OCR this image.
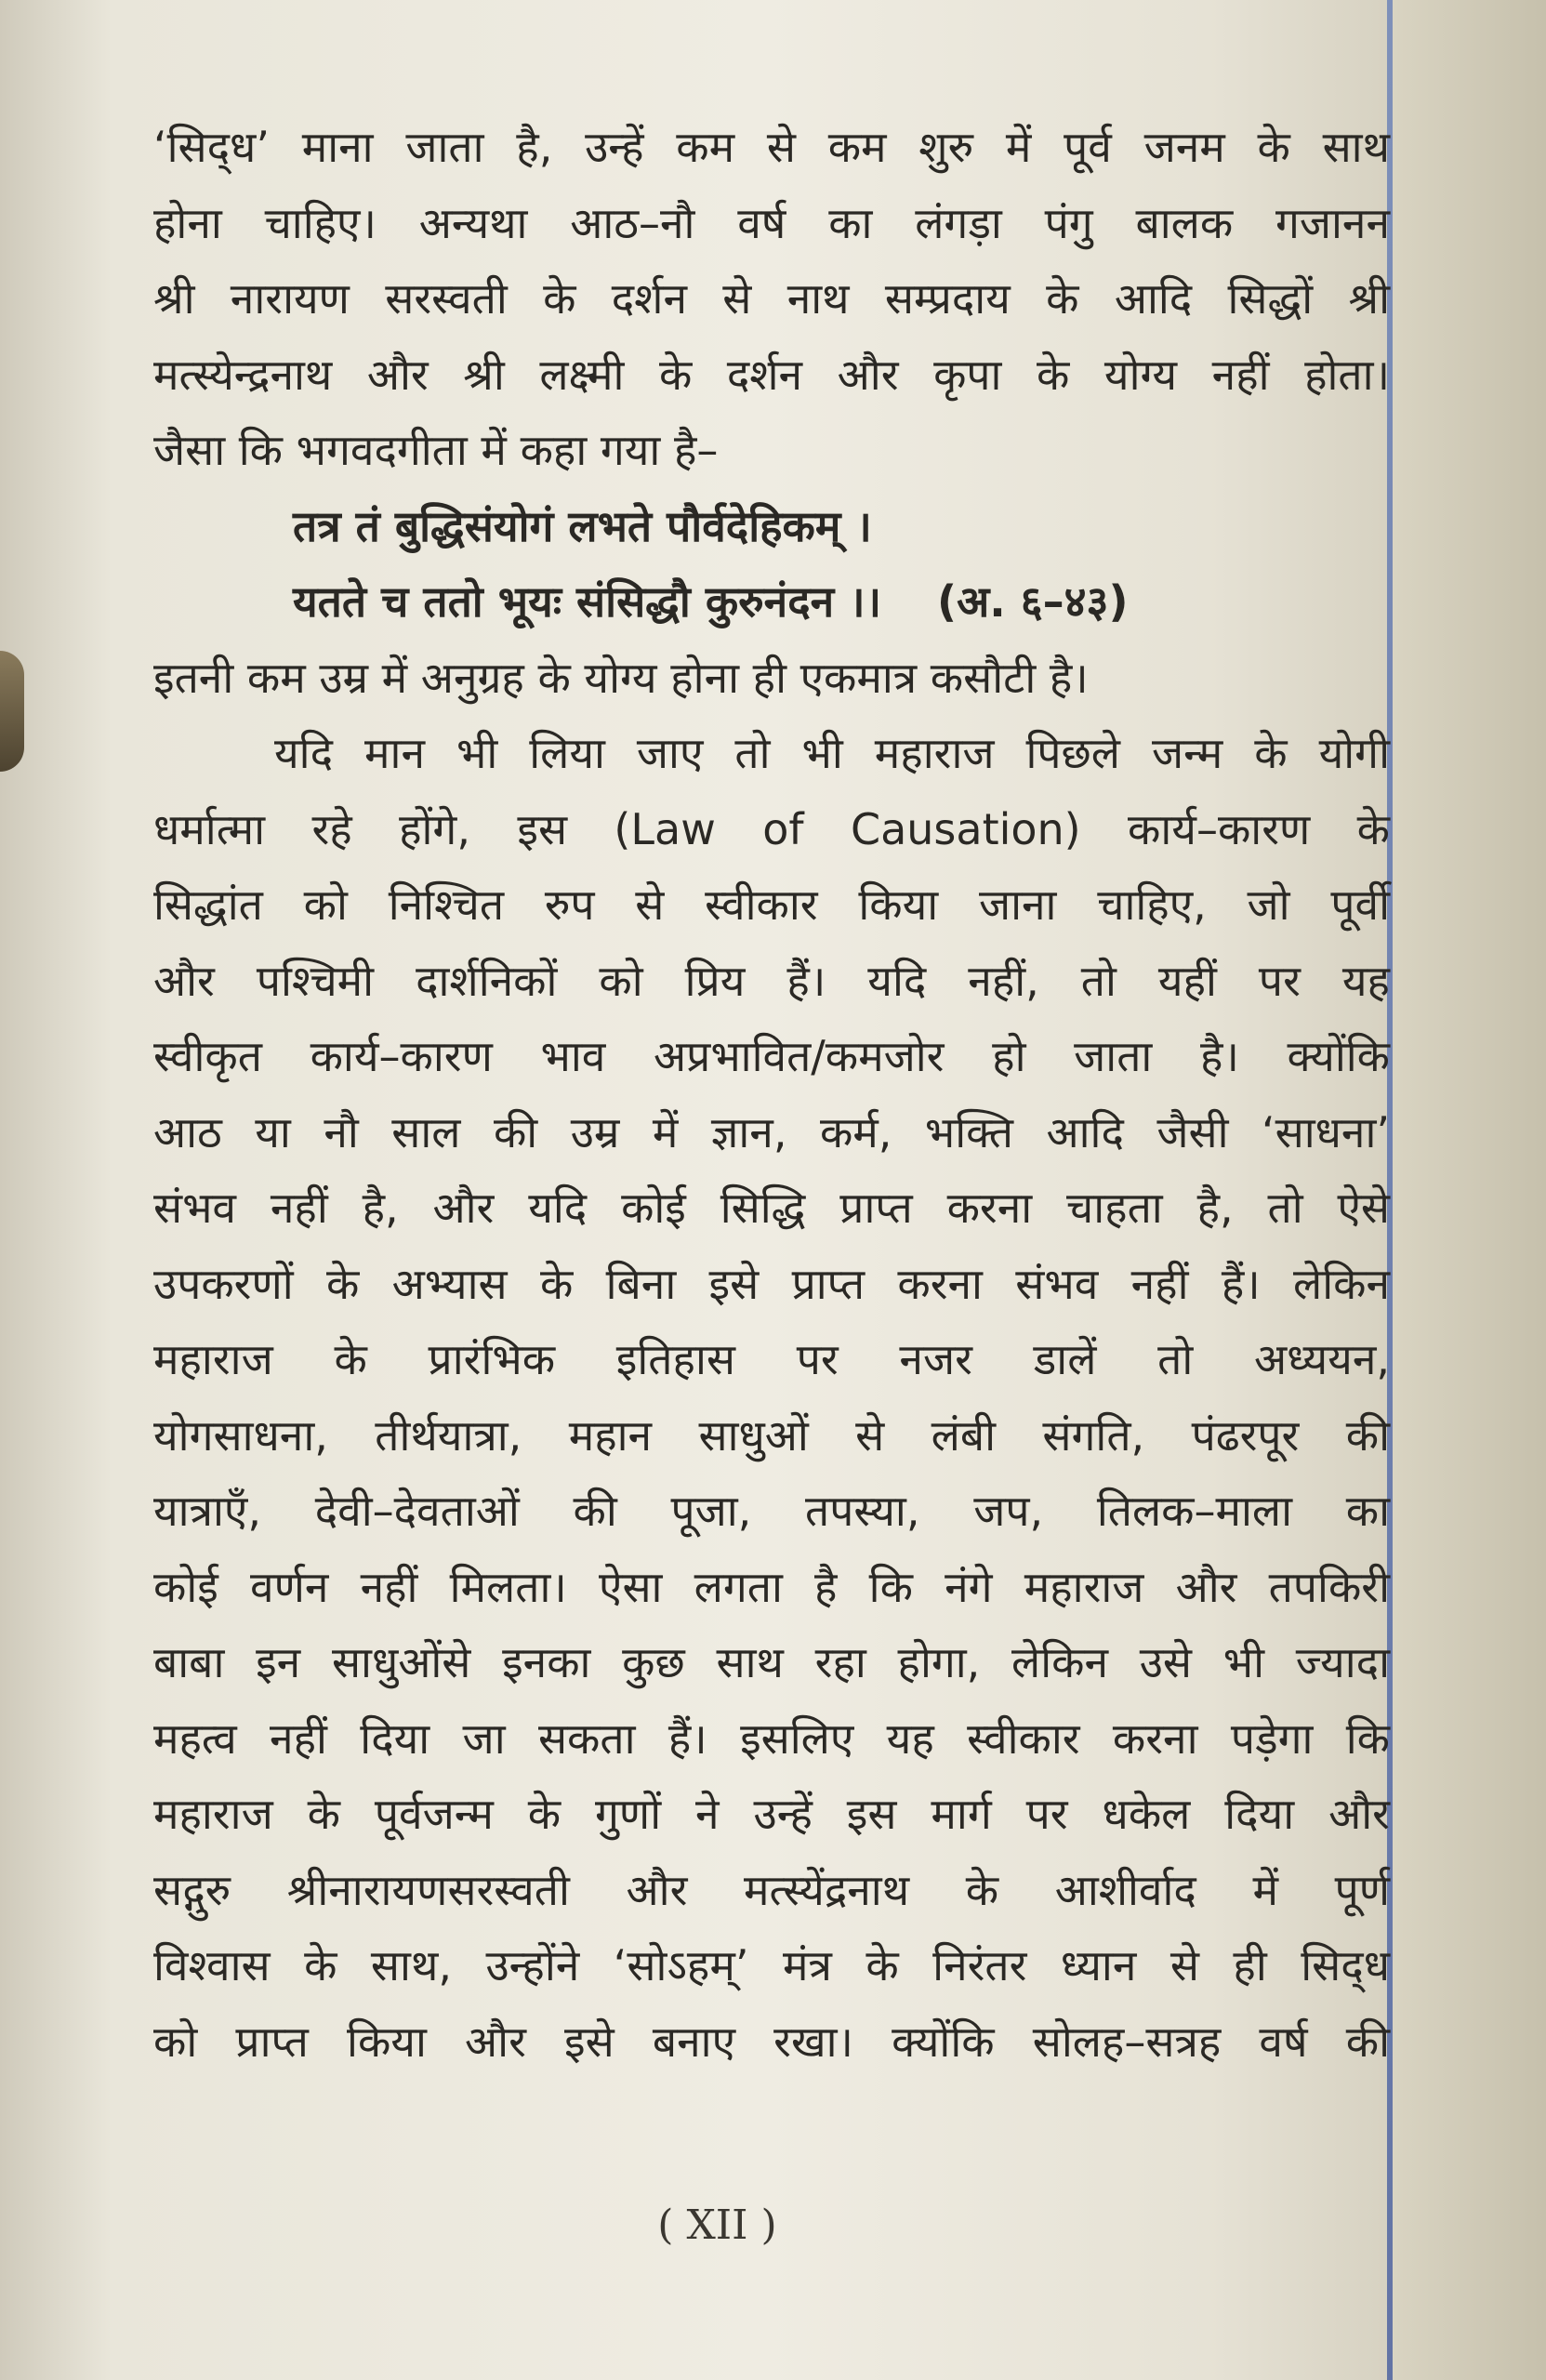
‘सिद्‌ध’ माना जाता है, उन्हें कम से कम शुरु में पूर्व जनम के साथ
होना चाहिए। अन्यथा आठ–नौ वर्ष का लंगड़ा पंगु बालक गजानन
श्री नारायण सरस्वती के दर्शन से नाथ सम्प्रदाय के आदि सिद्धों श्री
मत्स्येन्द्रनाथ और श्री लक्ष्मी के दर्शन और कृपा के योग्य नहीं होता।
जैसा कि भगवदगीता में कहा गया है–
तत्र तं बुद्धिसंयोगं लभते पौर्वदेहिकम् ।
यतते च ततो भूयः संसिद्धौ कुरुनंदन ।। (अ. ६–४३)
इतनी कम उम्र में अनुग्रह के योग्य होना ही एकमात्र कसौटी है।
यदि मान भी लिया जाए तो भी महाराज पिछले जन्म के योगी
धर्मात्मा रहे होंगे, इस (Law of Causation) कार्य–कारण के
सिद्धांत को निश्चित रुप से स्वीकार किया जाना चाहिए, जो पूर्वी
और पश्चिमी दार्शनिकों को प्रिय हैं। यदि नहीं, तो यहीं पर यह
स्वीकृत कार्य–कारण भाव अप्रभावित/कमजोर हो जाता है। क्योंकि
आठ या नौ साल की उम्र में ज्ञान, कर्म, भक्ति आदि जैसी ‘साधना’
संभव नहीं है, और यदि कोई सिद्धि प्राप्त करना चाहता है, तो ऐसे
उपकरणों के अभ्यास के बिना इसे प्राप्त करना संभव नहीं हैं। लेकिन
महाराज के प्रारंभिक इतिहास पर नजर डालें तो अध्ययन,
योगसाधना, तीर्थयात्रा, महान साधुओं से लंबी संगति, पंढरपूर की
यात्राएँ, देवी–देवताओं की पूजा, तपस्या, जप, तिलक–माला का
कोई वर्णन नहीं मिलता। ऐसा लगता है कि नंगे महाराज और तपकिरी
बाबा इन साधुओंसे इनका कुछ साथ रहा होगा, लेकिन उसे भी ज्यादा
महत्व नहीं दिया जा सकता हैं। इसलिए यह स्वीकार करना पड़ेगा कि
महाराज के पूर्वजन्म के गुणों ने उन्हें इस मार्ग पर धकेल दिया और
सद्गुरु श्रीनारायणसरस्वती और मत्स्येंद्रनाथ के आशीर्वाद में पूर्ण
विश्वास के साथ, उन्होंने ‘सोऽहम्’ मंत्र के निरंतर ध्यान से ही सिद्‌ध
को प्राप्त किया और इसे बनाए रखा। क्योंकि सोलह–सत्रह वर्ष की
( XII )
